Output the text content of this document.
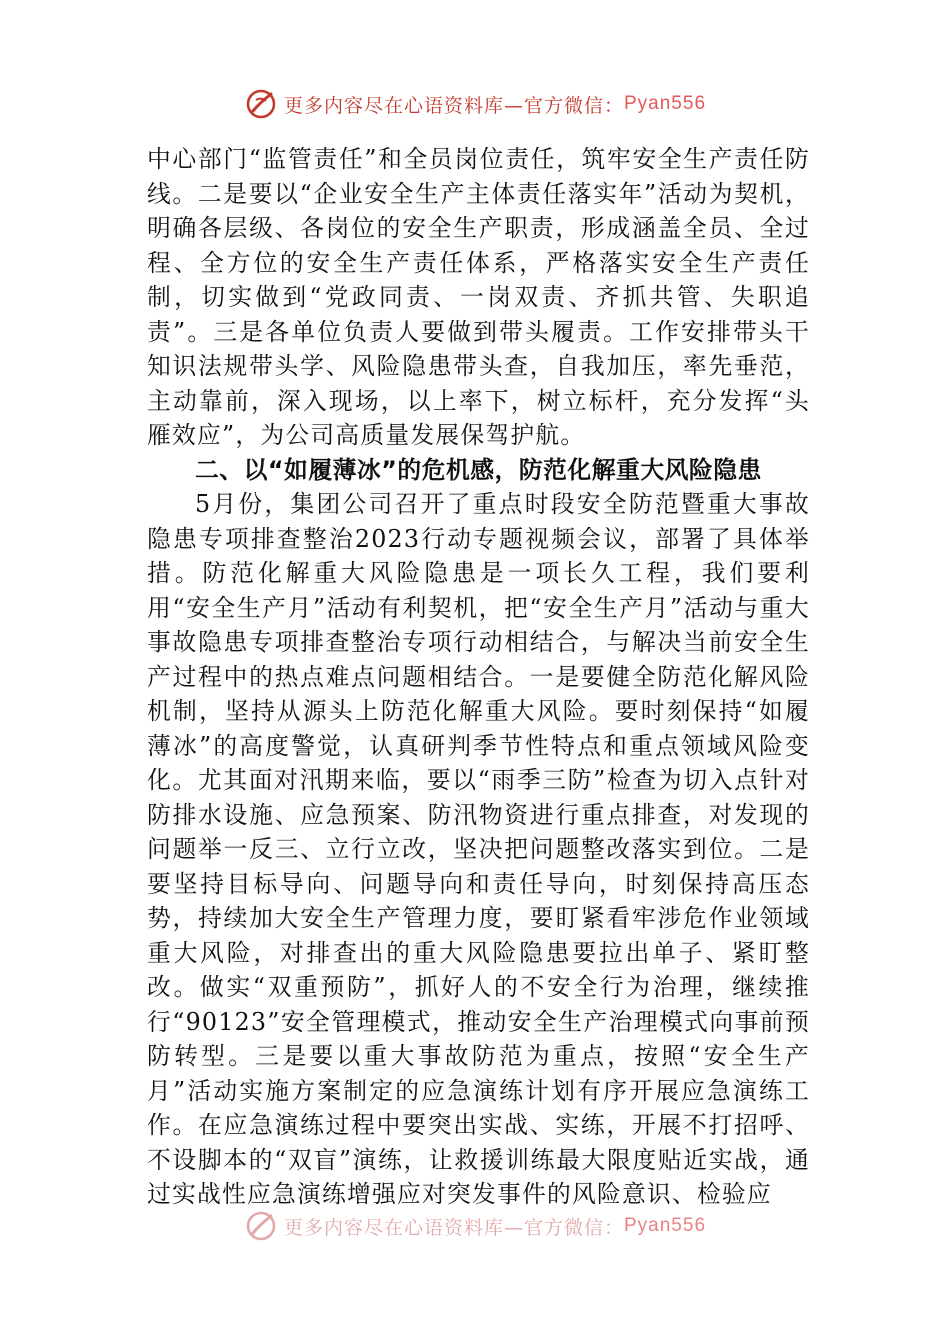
更多内容尽在心语资料库—官方微信： Pyan556

中心部门“监管责任”和全员岗位责任，筑牢安全生产责任防线。二是要以“企业安全生产主体责任落实年”活动为契机，明确各层级、各岗位的安全生产职责，形成涵盖全员、全过程、全方位的安全生产责任体系，严格落实安全生产责任制，切实做到“党政同责、一岗双责、齐抓共管、失职追责”。三是各单位负责人要做到带头履责。工作安排带头干知识法规带头学、风险隐患带头查，自我加压，率先垂范，主动靠前，深入现场，以上率下，树立标杆，充分发挥“头雁效应”，为公司高质量发展保驾护航。

二、以“如履薄冰”的危机感，防范化解重大风险隐患

5月份，集团公司召开了重点时段安全防范暨重大事故隐患专项排查整治2023行动专题视频会议，部署了具体举措。防范化解重大风险隐患是一项长久工程，我们要利用“安全生产月”活动有利契机，把“安全生产月”活动与重大事故隐患专项排查整治专项行动相结合，与解决当前安全生产过程中的热点难点问题相结合。一是要健全防范化解风险机制，坚持从源头上防范化解重大风险。要时刻保持“如履薄冰”的高度警觉，认真研判季节性特点和重点领域风险变化。尤其面对汛期来临，要以“雨季三防”检查为切入点针对防排水设施、应急预案、防汛物资进行重点排查，对发现的问题举一反三、立行立改，坚决把问题整改落实到位。二是要坚持目标导向、问题导向和责任导向，时刻保持高压态势，持续加大安全生产管理力度，要盯紧看牢涉危作业领域重大风险，对排查出的重大风险隐患要拉出单子、紧盯整改。做实“双重预防”，抓好人的不安全行为治理，继续推行“90123”安全管理模式，推动安全生产治理模式向事前预防转型。三是要以重大事故防范为重点，按照“安全生产月”活动实施方案制定的应急演练计划有序开展应急演练工作。在应急演练过程中要突出实战、实练，开展不打招呼、不设脚本的“双盲”演练，让救援训练最大限度贴近实战，通过实战性应急演练增强应对突发事件的风险意识、检验应

更多内容尽在心语资料库—官方微信： Pyan556
